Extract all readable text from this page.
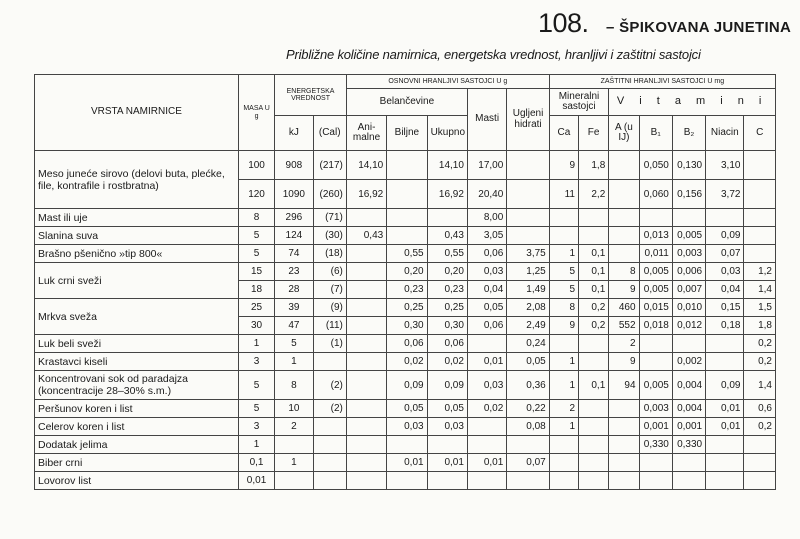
108. – ŠPIKOVANA JUNETINA
Približne količine namirnica, energetska vrednost, hranljivi i zaštitni sastojci
VRSTA NAMIRNICE	MASA U g	ENERGETSKA VREDNOST		OSNOVNI HRANLJIVI SASTOJCI U g					ZAŠTITNI HRANLJIVI SASTOJCI U mg						
				Belančevine			Masti	Ugljeni hidrati	Mineralni sastojci		V i t a m i n i				
		kJ	(Cal)	Ani-malne	Biljne	Ukupno			Ca	Fe	A (u IJ)	B₁	B₂	Niacin	C
Meso juneće sirovo (delovi buta, plećke, file, kontrafile i rostbratna)	100	908	(217)	14,10		14,10	17,00		9	1,8		0,050	0,130	3,10	
	120	1090	(260)	16,92		16,92	20,40		11	2,2		0,060	0,156	3,72	
Mast ili uje	8	296	(71)				8,00								
Slanina suva	5	124	(30)	0,43		0,43	3,05					0,013	0,005	0,09	
Brašno pšenično »tip 800«	5	74	(18)		0,55	0,55	0,06	3,75	1	0,1		0,011	0,003	0,07	
Luk crni sveži	15	23	(6)		0,20	0,20	0,03	1,25	5	0,1	8	0,005	0,006	0,03	1,2
	18	28	(7)		0,23	0,23	0,04	1,49	5	0,1	9	0,005	0,007	0,04	1,4
Mrkva sveža	25	39	(9)		0,25	0,25	0,05	2,08	8	0,2	460	0,015	0,010	0,15	1,5
	30	47	(11)		0,30	0,30	0,06	2,49	9	0,2	552	0,018	0,012	0,18	1,8
Luk beli sveži	1	5	(1)		0,06	0,06		0,24			2				0,2
Krastavci kiseli	3	1			0,02	0,02	0,01	0,05	1		9		0,002		0,2
Koncentrovani sok od paradajza (koncentracije 28–30% s.m.)	5	8	(2)		0,09	0,09	0,03	0,36	1	0,1	94	0,005	0,004	0,09	1,4
Peršunov koren i list	5	10	(2)		0,05	0,05	0,02	0,22	2			0,003	0,004	0,01	0,6
Celerov koren i list	3	2			0,03	0,03		0,08	1			0,001	0,001	0,01	0,2
Dodatak jelima	1											0,330	0,330		
Biber crni	0,1	1			0,01	0,01	0,01	0,07							
Lovorov list	0,01														
